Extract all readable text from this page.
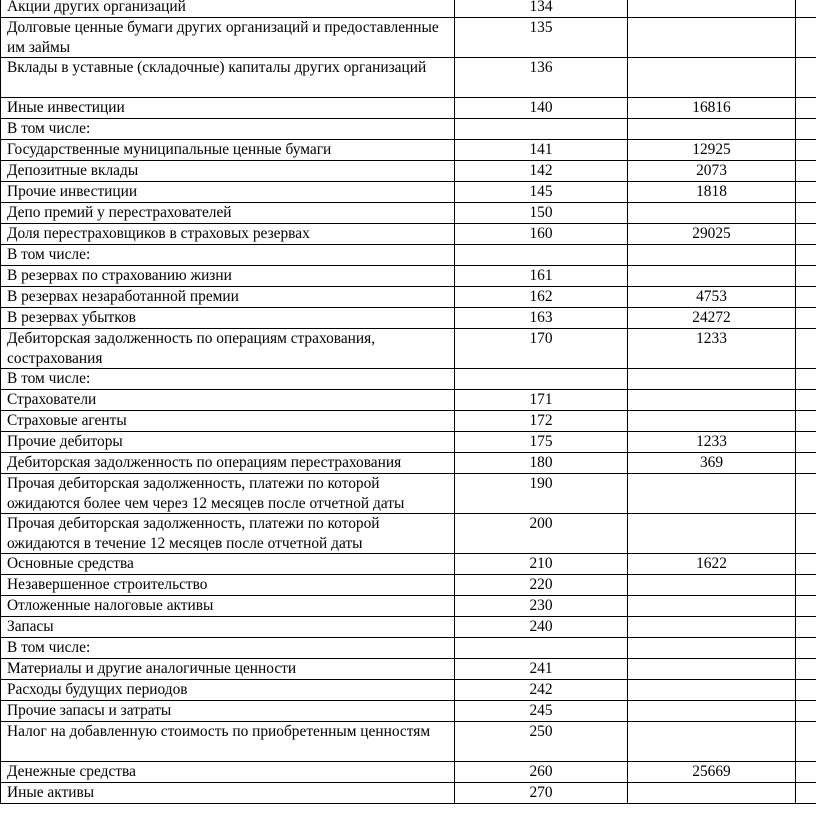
Акции других организаций	134		
Долговые ценные бумаги других организаций и предоставленные им займы	135		
Вклады в уставные (складочные) капиталы других организаций	136		
Иные инвестиции	140	16816	
В том числе:			
Государственные муниципальные ценные бумаги	141	12925	
Депозитные вклады	142	2073	
Прочие инвестиции	145	1818	
Депо премий у перестрахователей	150		
Доля перестраховщиков в страховых резервах	160	29025	
В том числе:			
В резервах по страхованию жизни	161		
В резервах незаработанной премии	162	4753	
В резервах убытков	163	24272	
Дебиторская задолженность по операциям страхования, сострахования	170	1233	
В том числе:			
Страхователи	171		
Страховые агенты	172		
Прочие дебиторы	175	1233	
Дебиторская задолженность по операциям перестрахования	180	369	
Прочая дебиторская задолженность, платежи по которой ожидаются более чем через 12 месяцев после отчетной даты	190		
Прочая дебиторская задолженность, платежи по которой ожидаются в течение 12 месяцев после отчетной даты	200		
Основные средства	210	1622	
Незавершенное строительство	220		
Отложенные налоговые активы	230		
Запасы	240		
В том числе:			
Материалы и другие аналогичные ценности	241		
Расходы будущих периодов	242		
Прочие запасы и затраты	245		
Налог на добавленную стоимость по приобретенным ценностям	250		
Денежные средства	260	25669	
Иные активы	270		
